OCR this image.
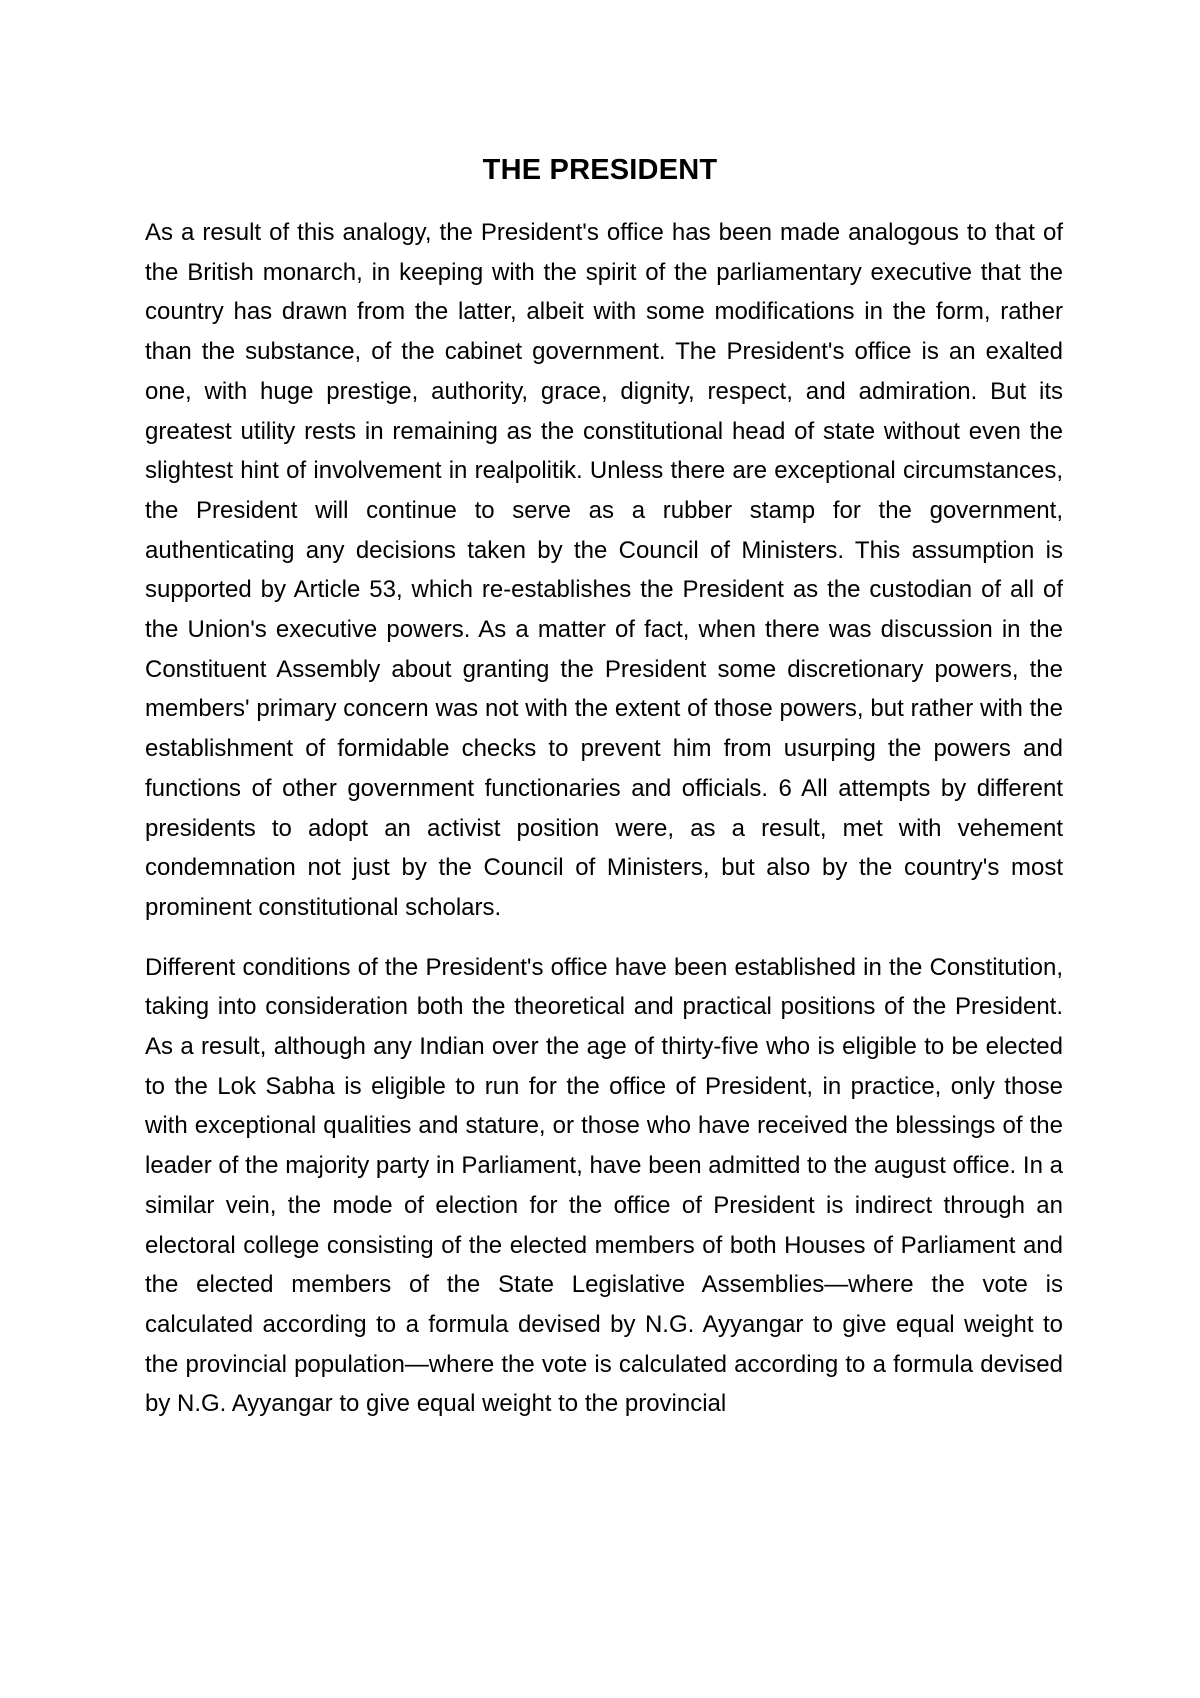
THE PRESIDENT

As a result of this analogy, the President's office has been made analogous to that of the British monarch, in keeping with the spirit of the parliamentary executive that the country has drawn from the latter, albeit with some modifications in the form, rather than the substance, of the cabinet government. The President's office is an exalted one, with huge prestige, authority, grace, dignity, respect, and admiration. But its greatest utility rests in remaining as the constitutional head of state without even the slightest hint of involvement in realpolitik. Unless there are exceptional circumstances, the President will continue to serve as a rubber stamp for the government, authenticating any decisions taken by the Council of Ministers. This assumption is supported by Article 53, which re-establishes the President as the custodian of all of the Union's executive powers. As a matter of fact, when there was discussion in the Constituent Assembly about granting the President some discretionary powers, the members' primary concern was not with the extent of those powers, but rather with the establishment of formidable checks to prevent him from usurping the powers and functions of other government functionaries and officials. 6 All attempts by different presidents to adopt an activist position were, as a result, met with vehement condemnation not just by the Council of Ministers, but also by the country's most prominent constitutional scholars.

Different conditions of the President's office have been established in the Constitution, taking into consideration both the theoretical and practical positions of the President. As a result, although any Indian over the age of thirty-five who is eligible to be elected to the Lok Sabha is eligible to run for the office of President, in practice, only those with exceptional qualities and stature, or those who have received the blessings of the leader of the majority party in Parliament, have been admitted to the august office. In a similar vein, the mode of election for the office of President is indirect through an electoral college consisting of the elected members of both Houses of Parliament and the elected members of the State Legislative Assemblies—where the vote is calculated according to a formula devised by N.G. Ayyangar to give equal weight to the provincial population—where the vote is calculated according to a formula devised by N.G. Ayyangar to give equal weight to the provincial
